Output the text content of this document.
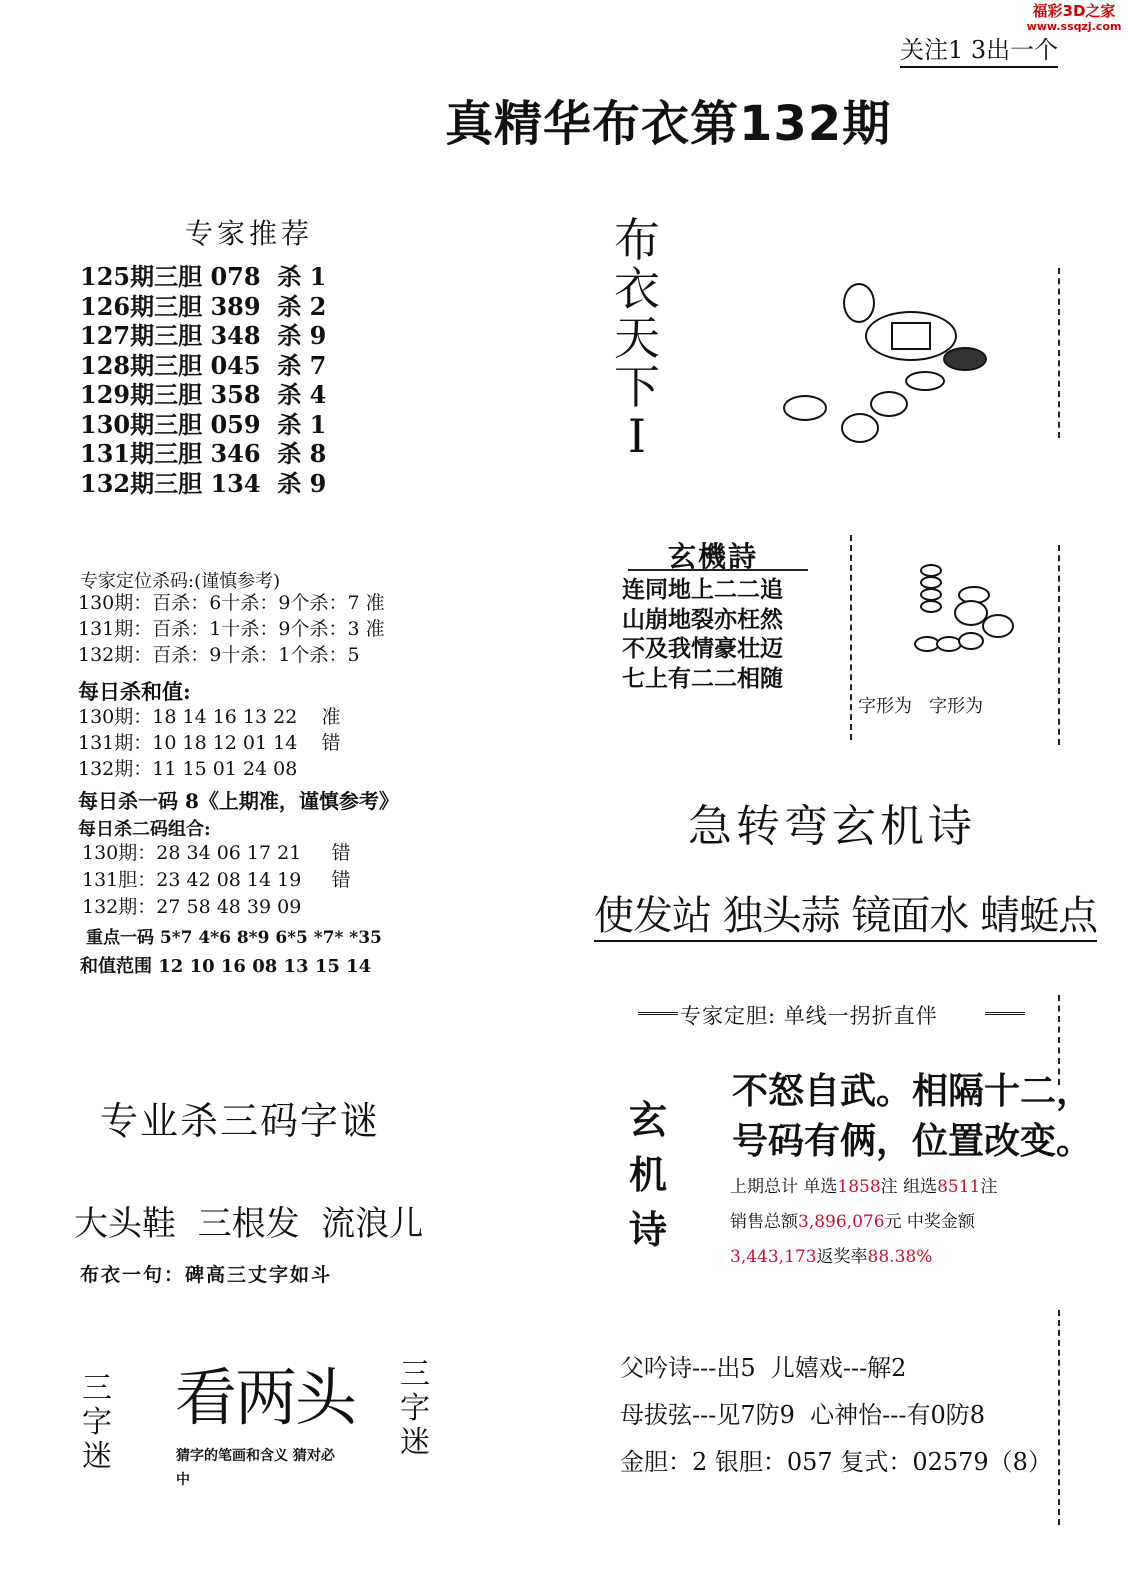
福彩3D之家
www.ssqzj.com
关注1 3出一个
真精华布衣第132期
专家推荐
125期三胆 078  杀 1
126期三胆 389  杀 2
127期三胆 348  杀 9
128期三胆 045  杀 7
129期三胆 358  杀 4
130期三胆 059  杀 1
131期三胆 346  杀 8
132期三胆 134  杀 9
专家定位杀码:(谨慎参考)
130期：百杀：6十杀：9个杀：7 准
131期：百杀：1十杀：9个杀：3 准
132期：百杀：9十杀：1个杀：5
每日杀和值:
130期：18 14 16 13 22    准
131期：10 18 12 01 14    错
132期：11 15 01 24 08
每日杀一码 8《上期准，谨慎参考》
每日杀二码组合:
130期：28 34 06 17 21     错
131胆：23 42 08 14 19     错
132期：27 58 48 39 09
重点一码 5*7 4*6 8*9 6*5 *7* *35
和值范围 12 10 16 08 13 15 14
专业杀三码字谜
大头鞋  三根发  流浪儿
布衣一句：碑高三丈字如斗
三
字
迷
看两头
猜字的笔画和含义 猜对必中
三
字
迷
布
衣
天
下
I
玄機詩
连同地上二二追
山崩地裂亦枉然
不及我情豪壮迈
七上有二二相随
字形为   字形为
急转弯玄机诗
使发站 独头蒜 镜面水 蜻蜓点
专家定胆: 单线一拐折直伴
玄
机
诗
不怒自武。相隔十二，
号码有俩，位置改变。
上期总计 单选1858注 组选8511注
销售总额3,896,076元 中奖金额
3,443,173返奖率88.38%
父吟诗---出5  儿嬉戏---解2
母拔弦---见7防9  心神怡---有0防8
金胆：2 银胆：057 复式：02579（8）
